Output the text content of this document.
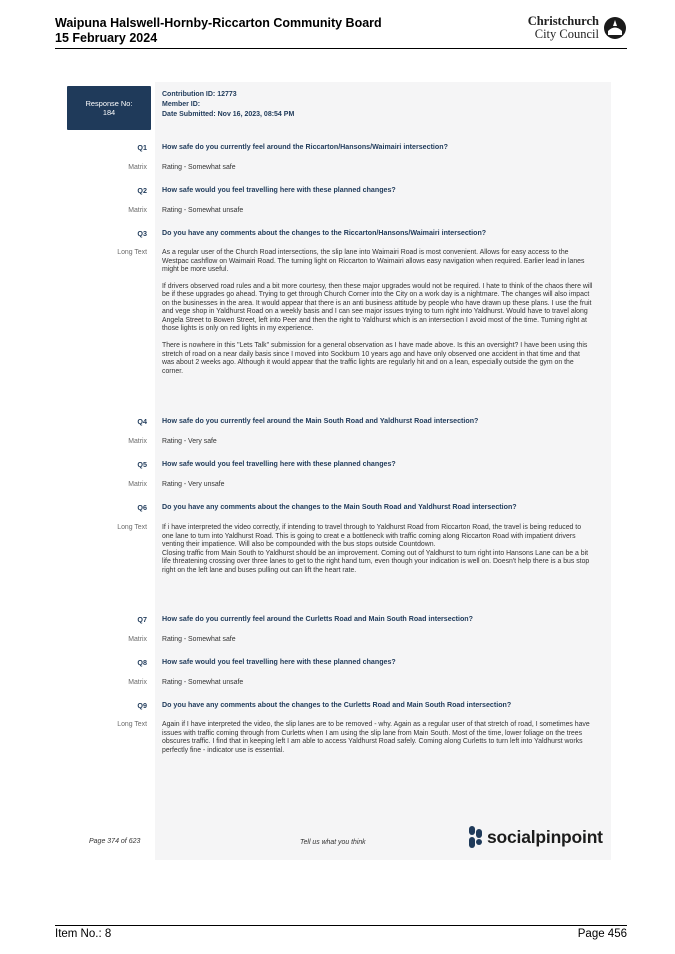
Waipuna Halswell-Hornby-Riccarton Community Board
15 February 2024
Christchurch
City Council
Response No:
184
Contribution ID: 12773
Member ID:
Date Submitted: Nov 16, 2023, 08:54 PM
Q1 How safe do you currently feel around the Riccarton/Hansons/Waimairi intersection?
Matrix Rating - Somewhat safe

Q2 How safe would you feel travelling here with these planned changes?
Matrix Rating - Somewhat unsafe

Q3 Do you have any comments about the changes to the Riccarton/Hansons/Waimairi intersection?
Long Text As a regular user of the Church Road intersections, the slip lane into Waimairi Road is most convenient. Allows for easy access to the Westpac cashflow on Waimairi Road. The turning light on Riccarton to Waimairi allows easy navigation when required. Earlier lead in lanes might be more useful.

If drivers observed road rules and a bit more courtesy, then these major upgrades would not be required. I hate to think of the chaos there will be if these upgrades go ahead. Trying to get through Church Corner into the City on a work day is a nightmare. The changes will also impact on the businesses in the area. It would appear that there is an anti business attitude by people who have drawn up these plans. I use the fruit and vege shop in Yaldhurst Road on a weekly basis and I can see major issues trying to turn right into Yaldhurst. Would have to travel along Angela Street to Bowen Street, left into Peer and then the right to Yaldhurst which is an intersection I avoid most of the time. Turning right at those lights is only on red lights in my experience.

There is nowhere in this "Lets Talk" submission for a general observation as I have made above. Is this an oversight? I have been using this stretch of road on a near daily basis since I moved into Sockburn 10 years ago and have only observed one accident in that time and that was about 2 weeks ago. Although it would appear that the traffic lights are regularly hit and on a lean, especially outside the gym on the corner.

Q4 How safe do you currently feel around the Main South Road and Yaldhurst Road intersection?
Matrix Rating - Very safe

Q5 How safe would you feel travelling here with these planned changes?
Matrix Rating - Very unsafe

Q6 Do you have any comments about the changes to the Main South Road and Yaldhurst Road intersection?
Long Text If i have interpreted the video correctly, if intending to travel through to Yaldhurst Road from Riccarton Road, the travel is being reduced to one lane to turn into Yaldhurst Road. This is going to creat e a bottleneck with traffic coming along Riccarton Road with impatient drivers venting their impatience. Will also be compounded with the bus stops outside Countdown.
Closing traffic from Main South to Yaldhurst should be an improvement. Coming out of Yaldhurst to turn right into Hansons Lane can be a bit life threatening crossing over three lanes to get to the right hand turn, even though your indication is well on. Doesn't help there is a bus stop right on the left lane and buses pulling out can lift the heart rate.

Q7 How safe do you currently feel around the Curletts Road and Main South Road intersection?
Matrix Rating - Somewhat safe

Q8 How safe would you feel travelling here with these planned changes?
Matrix Rating - Somewhat unsafe

Q9 Do you have any comments about the changes to the Curletts Road and Main South Road intersection?
Long Text Again if I have interpreted the video, the slip lanes are to be removed - why. Again as a regular user of that stretch of road, I sometimes have issues with traffic coming through from Curletts when I am using the slip lane from Main South. Most of the time, lower foliage on the trees obscures traffic. I find that in keeping left I am able to access Yaldhurst Road safely. Coming along Curletts to turn left into Yaldhurst works perfectly fine - indicator use is essential.

Page 374 of 623	Tell us what you think	socialpinpoint
Item No.: 8	Page 456
